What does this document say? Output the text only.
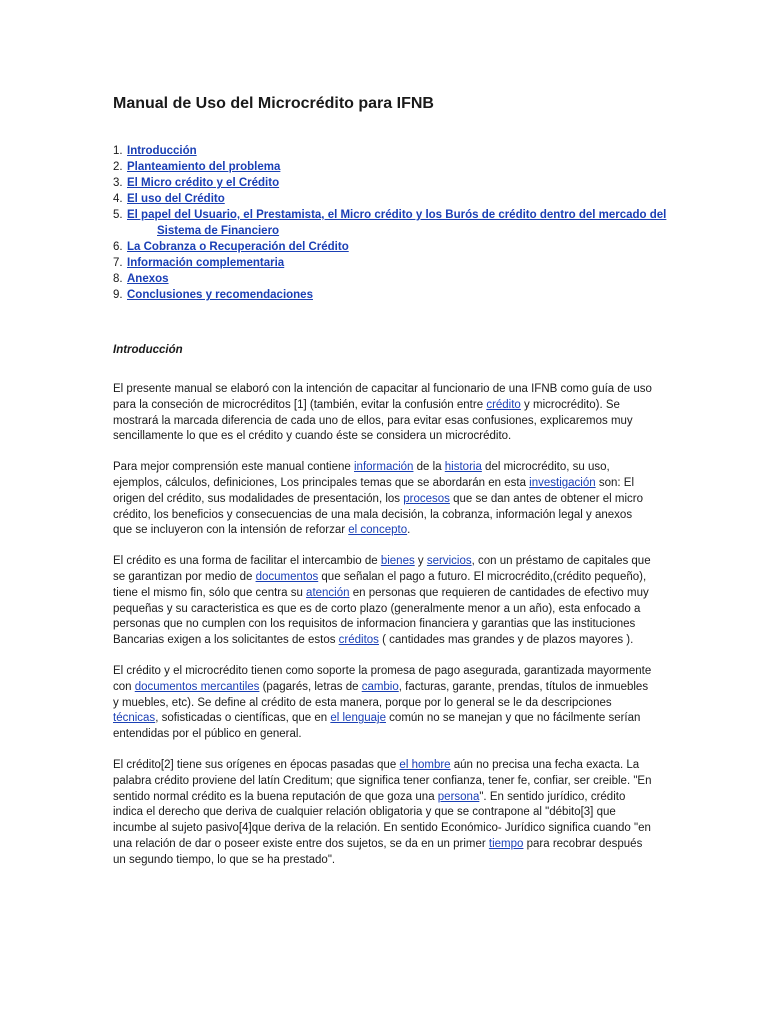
Manual de Uso del Microcrédito para IFNB
1. Introducción
2. Planteamiento del problema
3. El Micro crédito y el Crédito
4. El uso del Crédito
5. El papel del Usuario, el Prestamista, el Micro crédito y los Burós de crédito dentro del mercado del
Sistema de Financiero
6. La Cobranza o Recuperación del Crédito
7. Información complementaria
8. Anexos
9. Conclusiones y recomendaciones
Introducción

El presente manual se elaboró con la intención de capacitar al funcionario de una IFNB como guía de uso para la conseción de microcréditos [1] (también, evitar la confusión entre crédito y microcrédito). Se mostrará la marcada diferencia de cada uno de ellos, para evitar esas confusiones, explicaremos muy sencillamente lo que es el crédito y cuando éste se considera un microcrédito.

Para mejor comprensión este manual contiene información de la historia del microcrédito, su uso, ejemplos, cálculos, definiciones, Los principales temas que se abordarán en esta investigación son: El origen del crédito, sus modalidades de presentación, los procesos que se dan antes de obtener el micro crédito, los beneficios y consecuencias de una mala decisión, la cobranza, información legal y anexos que se incluyeron con la intensión de reforzar el concepto.

El crédito es una forma de facilitar el intercambio de bienes y servicios, con un préstamo de capitales que se garantizan por medio de documentos que señalan el pago a futuro. El microcrédito,(crédito pequeño), tiene el mismo fin, sólo que centra su atención en personas que requieren de cantidades de efectivo muy pequeñas y su caracteristica es que es de corto plazo (generalmente menor a un año), esta enfocado a personas que no cumplen con los requisitos de informacion financiera y garantias que las instituciones Bancarias exigen a los solicitantes de estos créditos ( cantidades mas grandes y de plazos mayores ).

El crédito y el microcrédito tienen como soporte la promesa de pago asegurada, garantizada mayormente con documentos mercantiles (pagarés, letras de cambio, facturas, garante, prendas, títulos de inmuebles y muebles, etc). Se define al crédito de esta manera, porque por lo general se le da descripciones técnicas, sofisticadas o científicas, que en el lenguaje común no se manejan y que no fácilmente serían entendidas por el público en general.

El crédito[2] tiene sus orígenes en épocas pasadas que el hombre aún no precisa una fecha exacta. La palabra crédito proviene del latín Creditum; que significa tener confianza, tener fe, confiar, ser creible. "En sentido normal crédito es la buena reputación de que goza una persona". En sentido jurídico, crédito indica el derecho que deriva de cualquier relación obligatoria y que se contrapone al "débito[3] que incumbe al sujeto pasivo[4]que deriva de la relación. En sentido Económico- Jurídico significa cuando "en una relación de dar o poseer existe entre dos sujetos, se da en un primer tiempo para recobrar después un segundo tiempo, lo que se ha prestado".
